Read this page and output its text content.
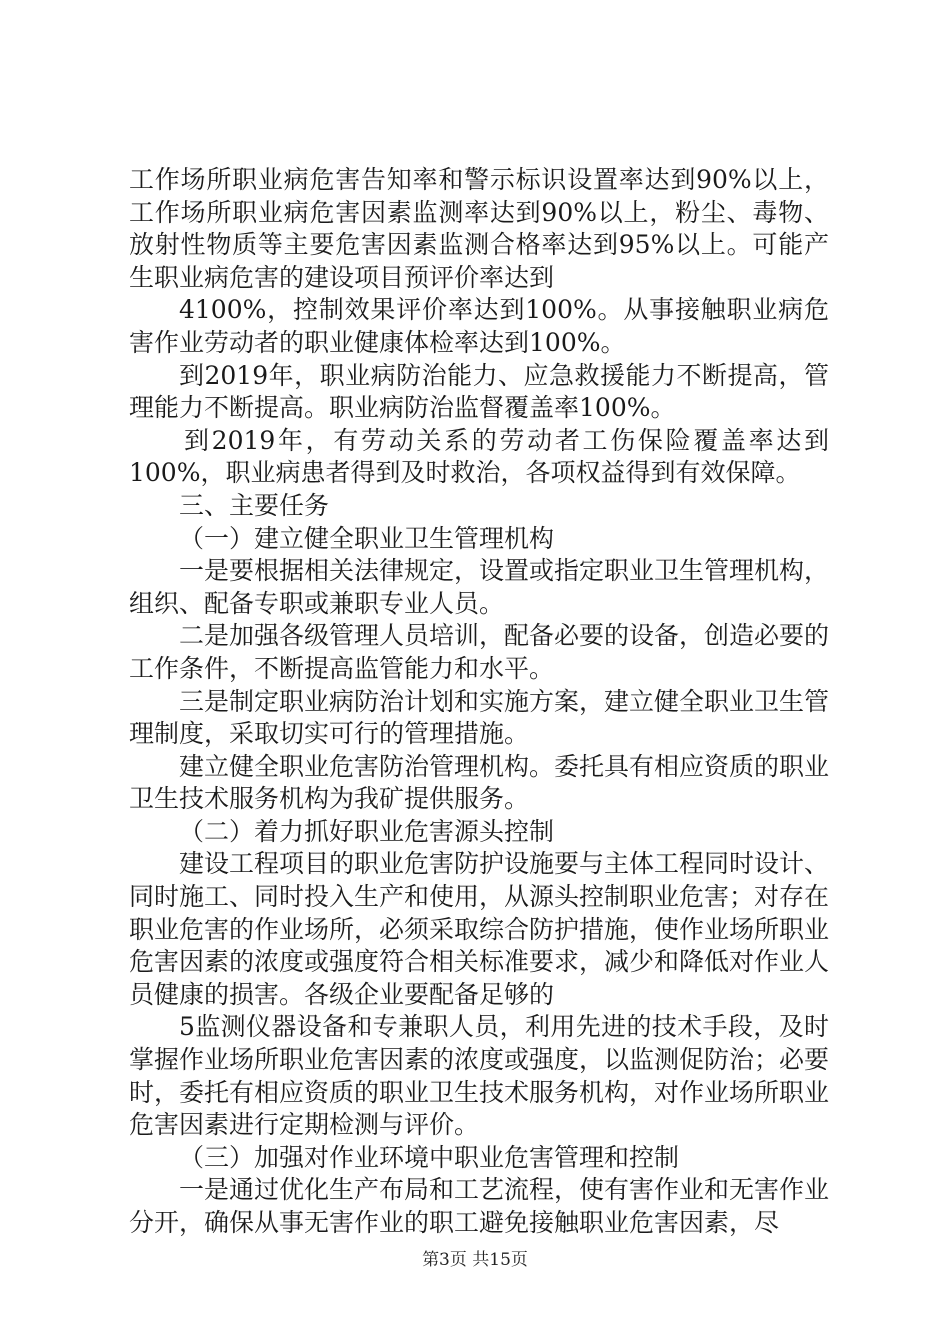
工作场所职业病危害告知率和警示标识设置率达到90%以上，工作场所职业病危害因素监测率达到90%以上，粉尘、毒物、放射性物质等主要危害因素监测合格率达到95%以上。可能产生职业病危害的建设项目预评价率达到

4100%，控制效果评价率达到100%。从事接触职业病危害作业劳动者的职业健康体检率达到100%。

到2019年，职业病防治能力、应急救援能力不断提高，管理能力不断提高。职业病防治监督覆盖率100%。

到2019年，有劳动关系的劳动者工伤保险覆盖率达到100%，职业病患者得到及时救治，各项权益得到有效保障。

三、主要任务

（一）建立健全职业卫生管理机构

一是要根据相关法律规定，设置或指定职业卫生管理机构，组织、配备专职或兼职专业人员。

二是加强各级管理人员培训，配备必要的设备，创造必要的工作条件，不断提高监管能力和水平。

三是制定职业病防治计划和实施方案，建立健全职业卫生管理制度，采取切实可行的管理措施。

建立健全职业危害防治管理机构。委托具有相应资质的职业卫生技术服务机构为我矿提供服务。

（二）着力抓好职业危害源头控制

建设工程项目的职业危害防护设施要与主体工程同时设计、同时施工、同时投入生产和使用，从源头控制职业危害；对存在职业危害的作业场所，必须采取综合防护措施，使作业场所职业危害因素的浓度或强度符合相关标准要求，减少和降低对作业人员健康的损害。各级企业要配备足够的

5监测仪器设备和专兼职人员，利用先进的技术手段，及时掌握作业场所职业危害因素的浓度或强度，以监测促防治；必要时，委托有相应资质的职业卫生技术服务机构，对作业场所职业危害因素进行定期检测与评价。

（三）加强对作业环境中职业危害管理和控制

一是通过优化生产布局和工艺流程，使有害作业和无害作业分开，确保从事无害作业的职工避免接触职业危害因素，尽

第3页 共15页
